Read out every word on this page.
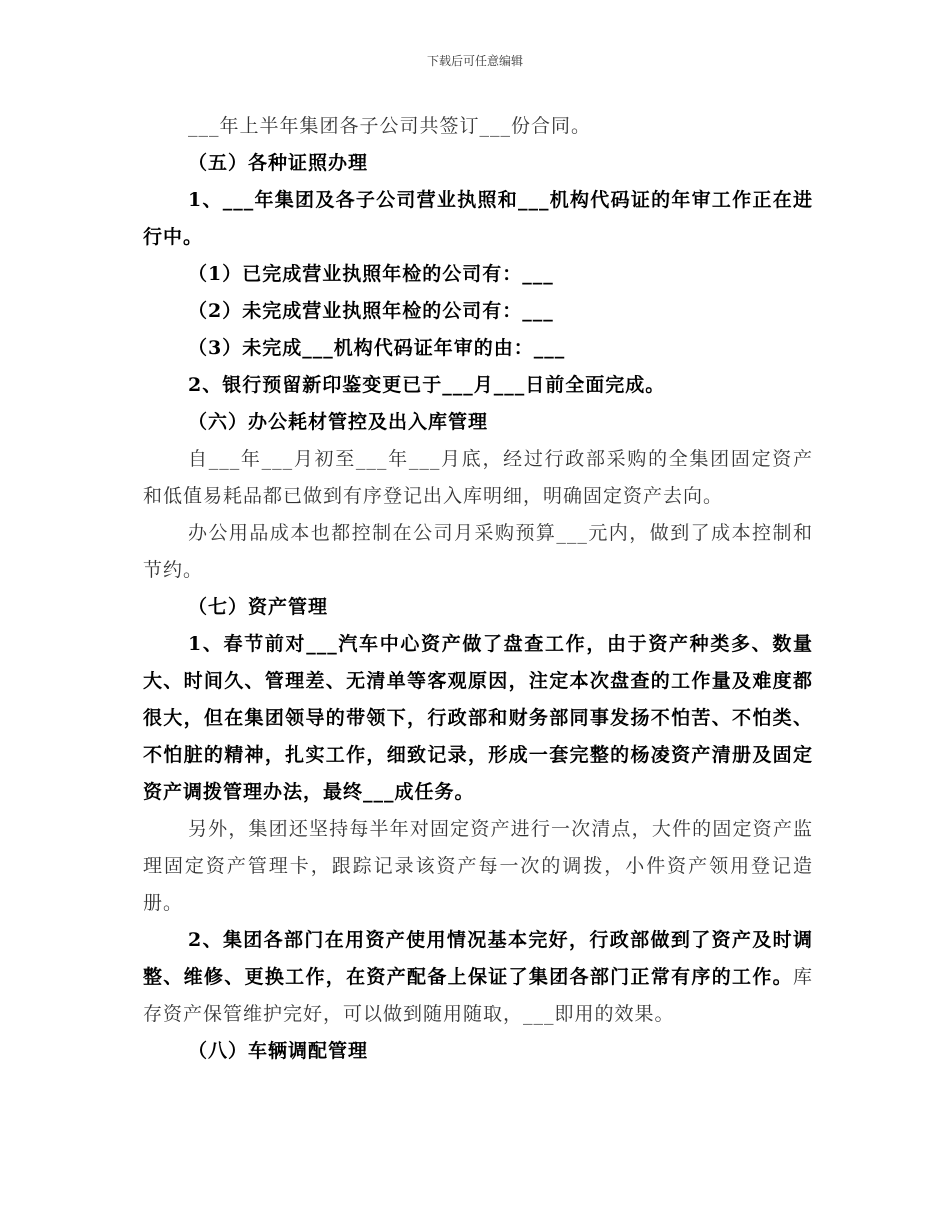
下载后可任意编辑

___年上半年集团各子公司共签订___份合同。

（五）各种证照办理

1、___年集团及各子公司营业执照和___机构代码证的年审工作正在进行中。

（1）已完成营业执照年检的公司有：___

（2）未完成营业执照年检的公司有：___

（3）未完成___机构代码证年审的由：___

2、银行预留新印鉴变更已于___月___日前全面完成。

（六）办公耗材管控及出入库管理

自___年___月初至___年___月底，经过行政部采购的全集团固定资产和低值易耗品都已做到有序登记出入库明细，明确固定资产去向。

办公用品成本也都控制在公司月采购预算___元内，做到了成本控制和节约。

（七）资产管理

1、春节前对___汽车中心资产做了盘查工作，由于资产种类多、数量大、时间久、管理差、无清单等客观原因，注定本次盘查的工作量及难度都很大，但在集团领导的带领下，行政部和财务部同事发扬不怕苦、不怕类、不怕脏的精神，扎实工作，细致记录，形成一套完整的杨凌资产清册及固定资产调拨管理办法，最终___成任务。

另外，集团还坚持每半年对固定资产进行一次清点，大件的固定资产监理固定资产管理卡，跟踪记录该资产每一次的调拨，小件资产领用登记造册。

2、集团各部门在用资产使用情况基本完好，行政部做到了资产及时调整、维修、更换工作，在资产配备上保证了集团各部门正常有序的工作。库存资产保管维护完好，可以做到随用随取，___即用的效果。

（八）车辆调配管理
